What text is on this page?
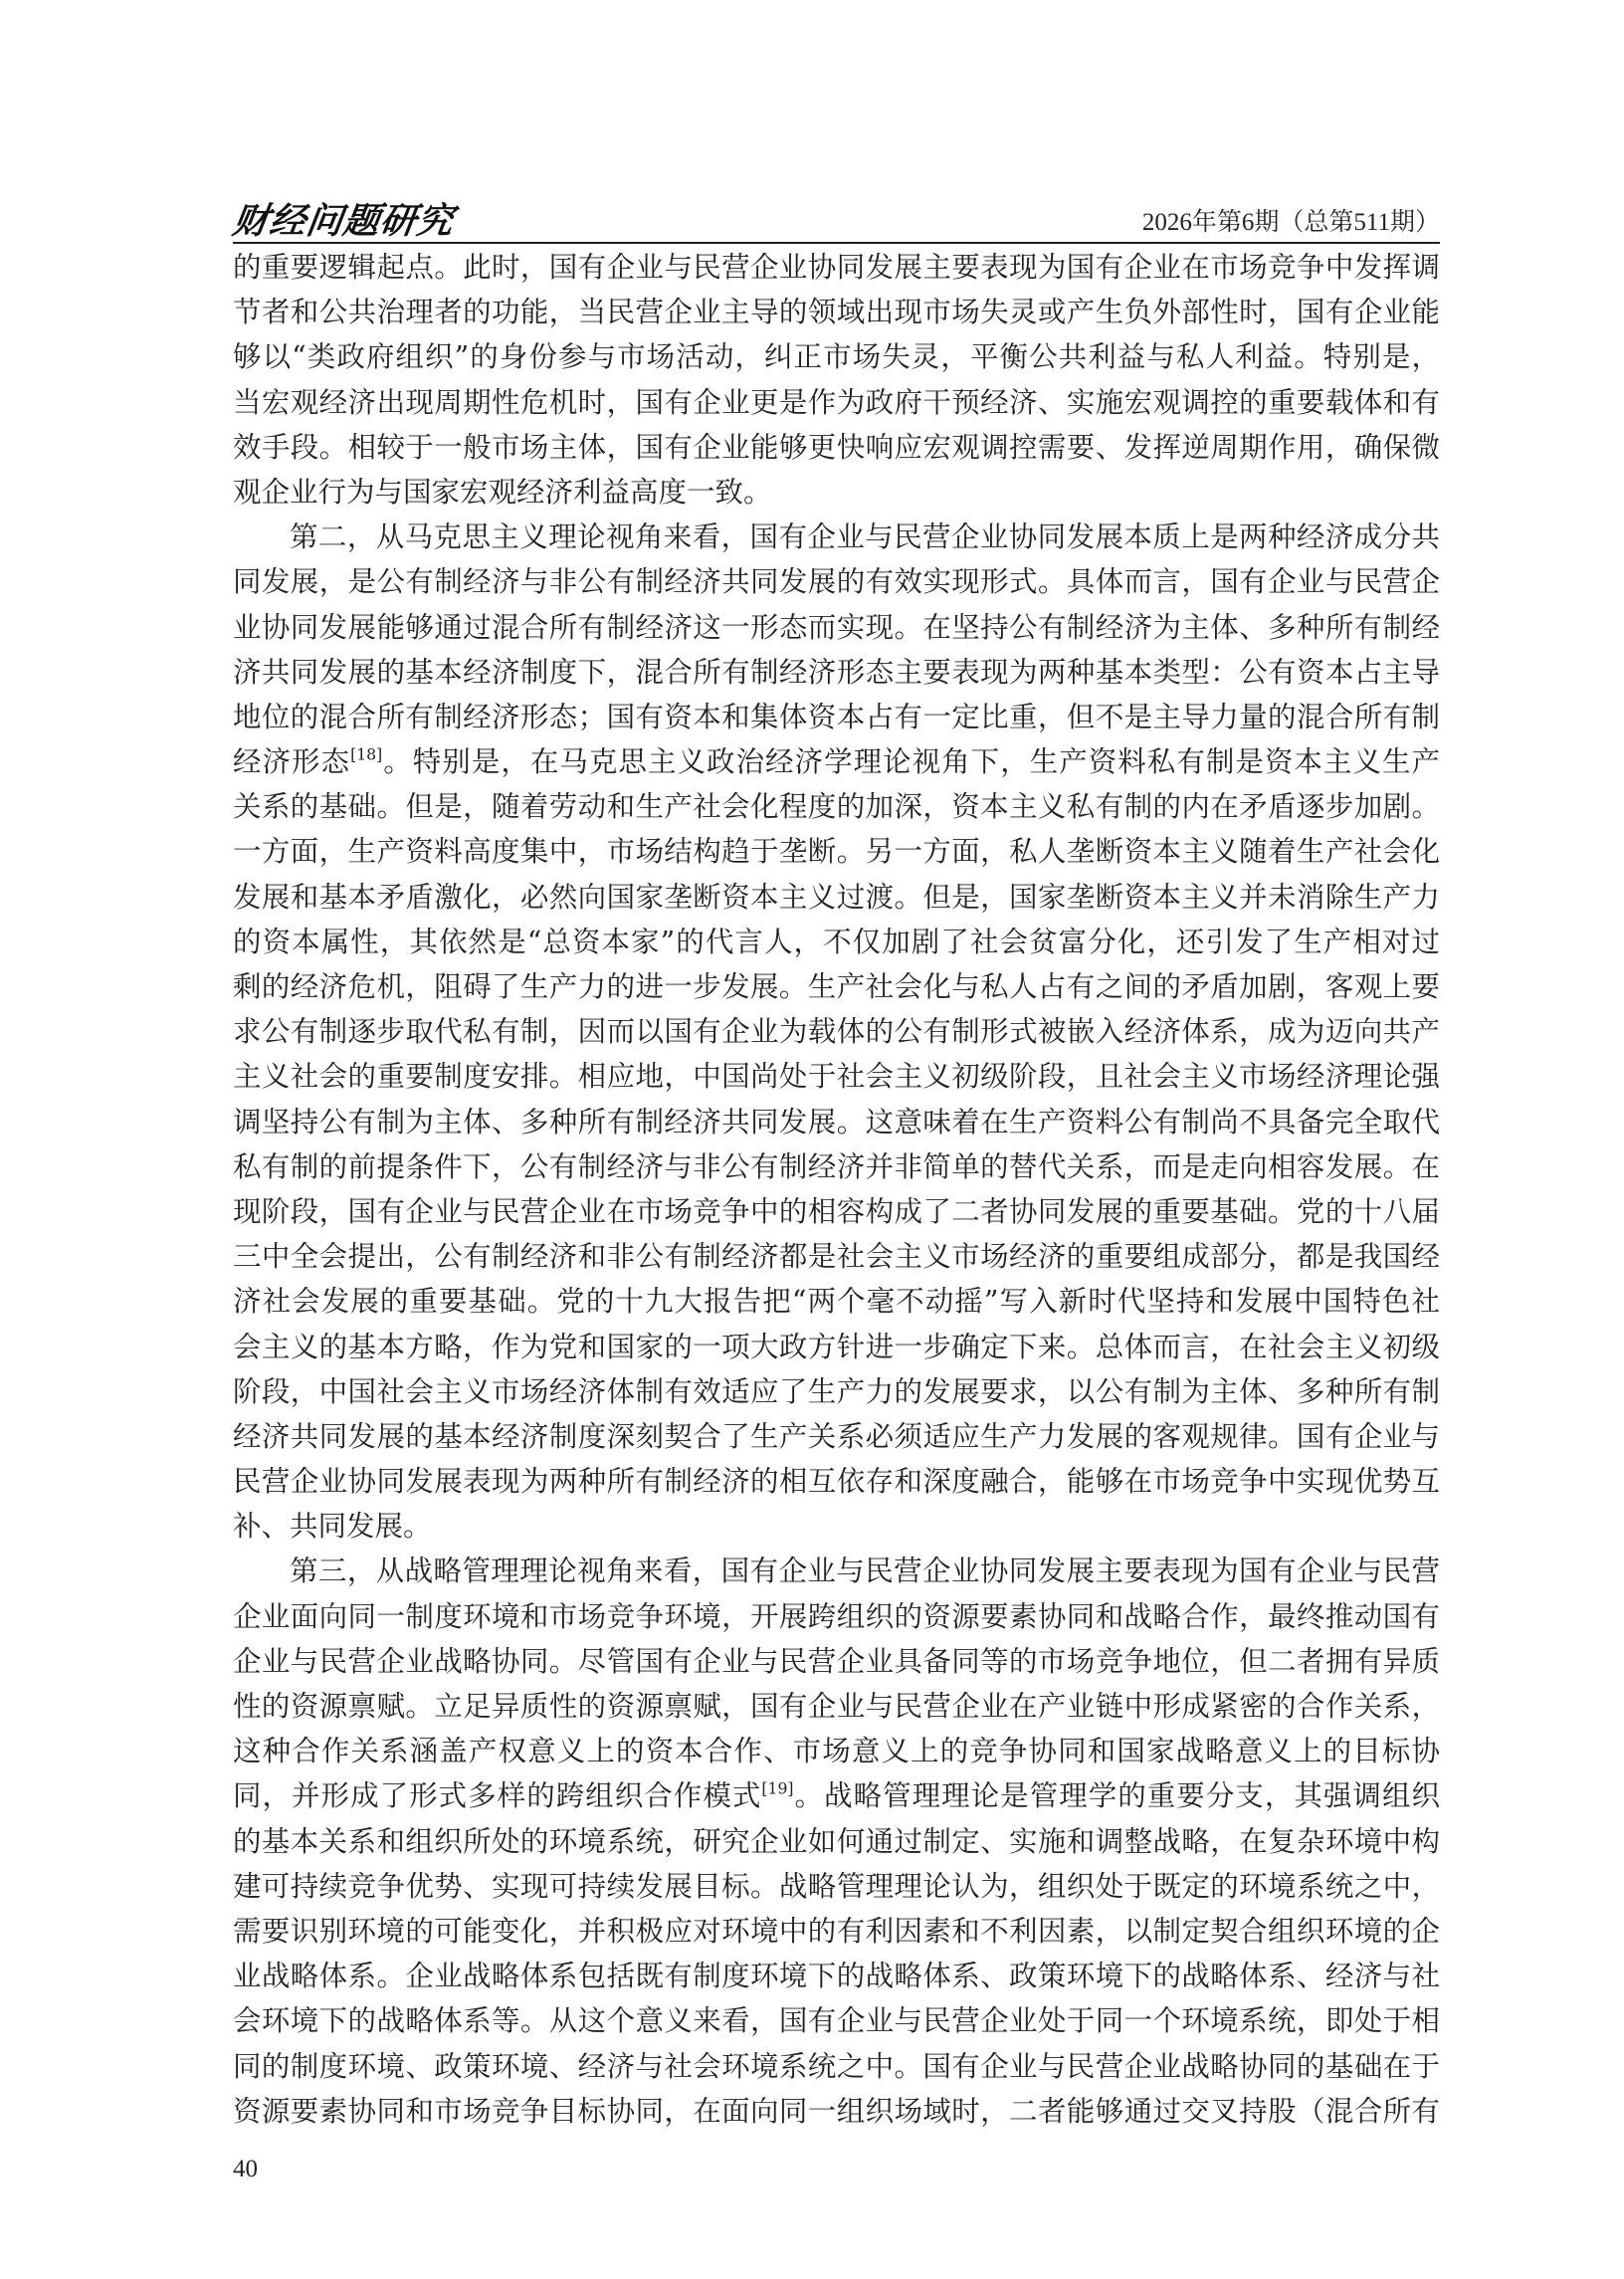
财经问题研究	2026年第6期（总第511期）
的重要逻辑起点。此时，国有企业与民营企业协同发展主要表现为国有企业在市场竞争中发挥调
节者和公共治理者的功能，当民营企业主导的领域出现市场失灵或产生负外部性时，国有企业能
够以“类政府组织”的身份参与市场活动，纠正市场失灵，平衡公共利益与私人利益。特别是，
当宏观经济出现周期性危机时，国有企业更是作为政府干预经济、实施宏观调控的重要载体和有
效手段。相较于一般市场主体，国有企业能够更快响应宏观调控需要、发挥逆周期作用，确保微
观企业行为与国家宏观经济利益高度一致。
第二，从马克思主义理论视角来看，国有企业与民营企业协同发展本质上是两种经济成分共
同发展，是公有制经济与非公有制经济共同发展的有效实现形式。具体而言，国有企业与民营企
业协同发展能够通过混合所有制经济这一形态而实现。在坚持公有制经济为主体、多种所有制经
济共同发展的基本经济制度下，混合所有制经济形态主要表现为两种基本类型：公有资本占主导
地位的混合所有制经济形态；国有资本和集体资本占有一定比重，但不是主导力量的混合所有制
经济形态[18]。特别是，在马克思主义政治经济学理论视角下，生产资料私有制是资本主义生产
关系的基础。但是，随着劳动和生产社会化程度的加深，资本主义私有制的内在矛盾逐步加剧。
一方面，生产资料高度集中，市场结构趋于垄断。另一方面，私人垄断资本主义随着生产社会化
发展和基本矛盾激化，必然向国家垄断资本主义过渡。但是，国家垄断资本主义并未消除生产力
的资本属性，其依然是“总资本家”的代言人，不仅加剧了社会贫富分化，还引发了生产相对过
剩的经济危机，阻碍了生产力的进一步发展。生产社会化与私人占有之间的矛盾加剧，客观上要
求公有制逐步取代私有制，因而以国有企业为载体的公有制形式被嵌入经济体系，成为迈向共产
主义社会的重要制度安排。相应地，中国尚处于社会主义初级阶段，且社会主义市场经济理论强
调坚持公有制为主体、多种所有制经济共同发展。这意味着在生产资料公有制尚不具备完全取代
私有制的前提条件下，公有制经济与非公有制经济并非简单的替代关系，而是走向相容发展。在
现阶段，国有企业与民营企业在市场竞争中的相容构成了二者协同发展的重要基础。党的十八届
三中全会提出，公有制经济和非公有制经济都是社会主义市场经济的重要组成部分，都是我国经
济社会发展的重要基础。党的十九大报告把“两个毫不动摇”写入新时代坚持和发展中国特色社
会主义的基本方略，作为党和国家的一项大政方针进一步确定下来。总体而言，在社会主义初级
阶段，中国社会主义市场经济体制有效适应了生产力的发展要求，以公有制为主体、多种所有制
经济共同发展的基本经济制度深刻契合了生产关系必须适应生产力发展的客观规律。国有企业与
民营企业协同发展表现为两种所有制经济的相互依存和深度融合，能够在市场竞争中实现优势互
补、共同发展。
第三，从战略管理理论视角来看，国有企业与民营企业协同发展主要表现为国有企业与民营
企业面向同一制度环境和市场竞争环境，开展跨组织的资源要素协同和战略合作，最终推动国有
企业与民营企业战略协同。尽管国有企业与民营企业具备同等的市场竞争地位，但二者拥有异质
性的资源禀赋。立足异质性的资源禀赋，国有企业与民营企业在产业链中形成紧密的合作关系，
这种合作关系涵盖产权意义上的资本合作、市场意义上的竞争协同和国家战略意义上的目标协
同，并形成了形式多样的跨组织合作模式[19]。战略管理理论是管理学的重要分支，其强调组织
的基本关系和组织所处的环境系统，研究企业如何通过制定、实施和调整战略，在复杂环境中构
建可持续竞争优势、实现可持续发展目标。战略管理理论认为，组织处于既定的环境系统之中，
需要识别环境的可能变化，并积极应对环境中的有利因素和不利因素，以制定契合组织环境的企
业战略体系。企业战略体系包括既有制度环境下的战略体系、政策环境下的战略体系、经济与社
会环境下的战略体系等。从这个意义来看，国有企业与民营企业处于同一个环境系统，即处于相
同的制度环境、政策环境、经济与社会环境系统之中。国有企业与民营企业战略协同的基础在于
资源要素协同和市场竞争目标协同，在面向同一组织场域时，二者能够通过交叉持股（混合所有
40
